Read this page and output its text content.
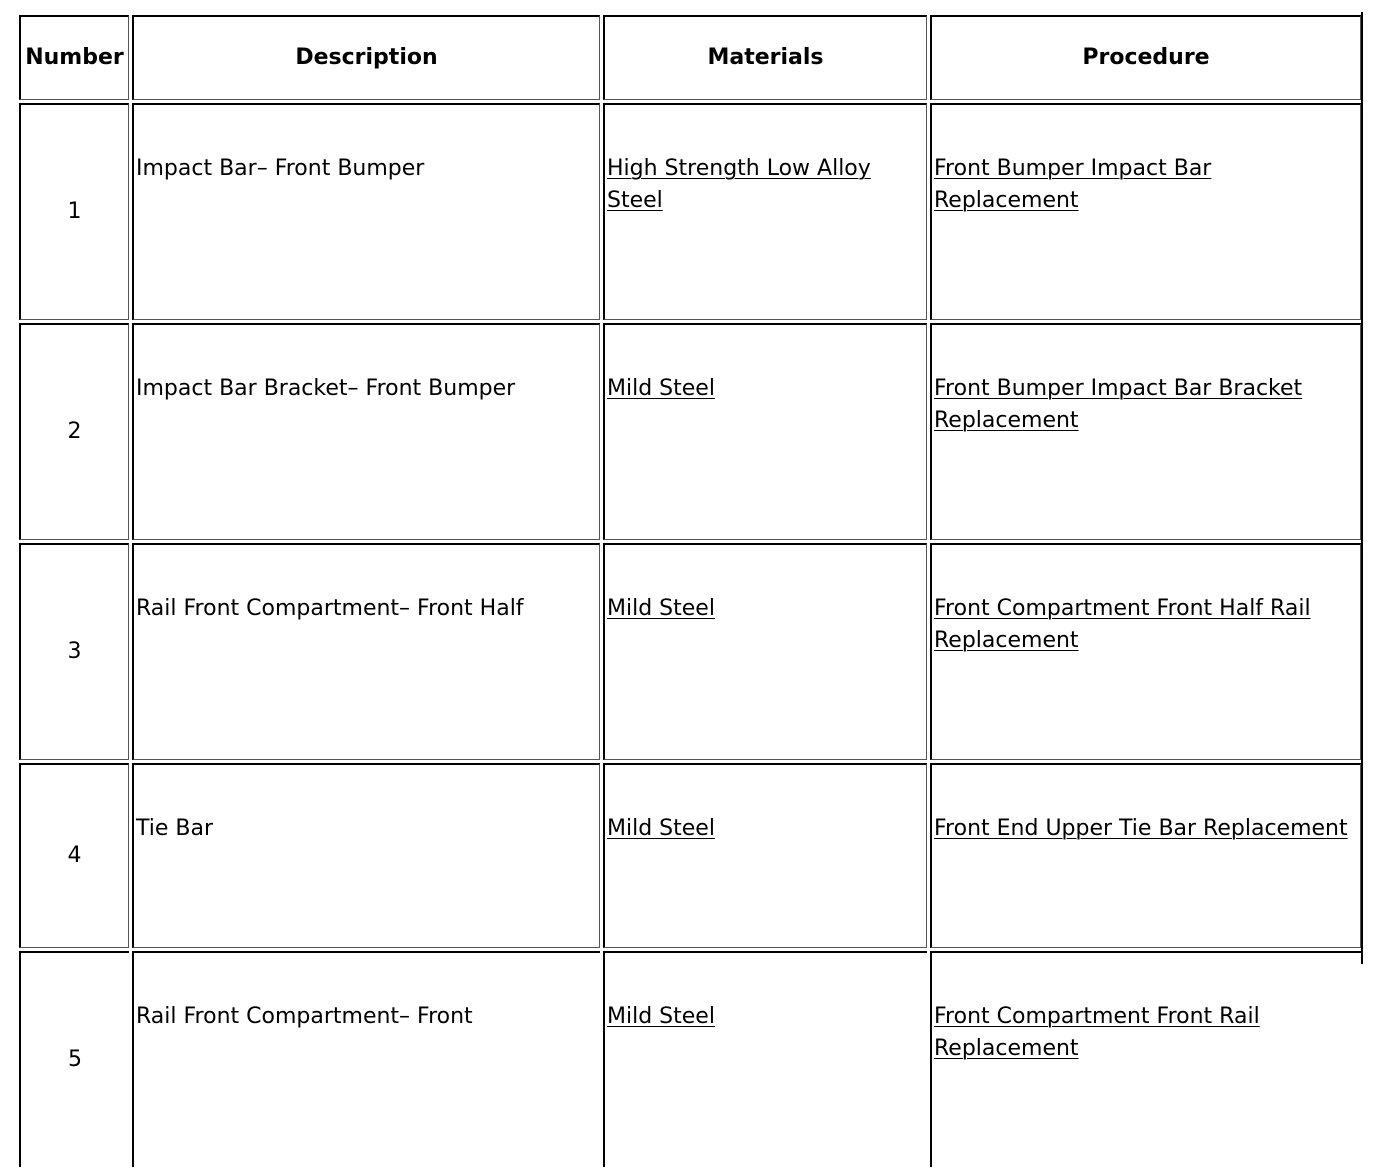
Number	Description	Materials	Procedure
1	Impact Bar– Front Bumper	High Strength Low Alloy Steel	Front Bumper Impact Bar Replacement
2	Impact Bar Bracket– Front Bumper	Mild Steel	Front Bumper Impact Bar Bracket Replacement
3	Rail Front Compartment– Front Half	Mild Steel	Front Compartment Front Half Rail Replacement
4	Tie Bar	Mild Steel	Front End Upper Tie Bar Replacement
5	Rail Front Compartment– Front	Mild Steel	Front Compartment Front Rail Replacement
